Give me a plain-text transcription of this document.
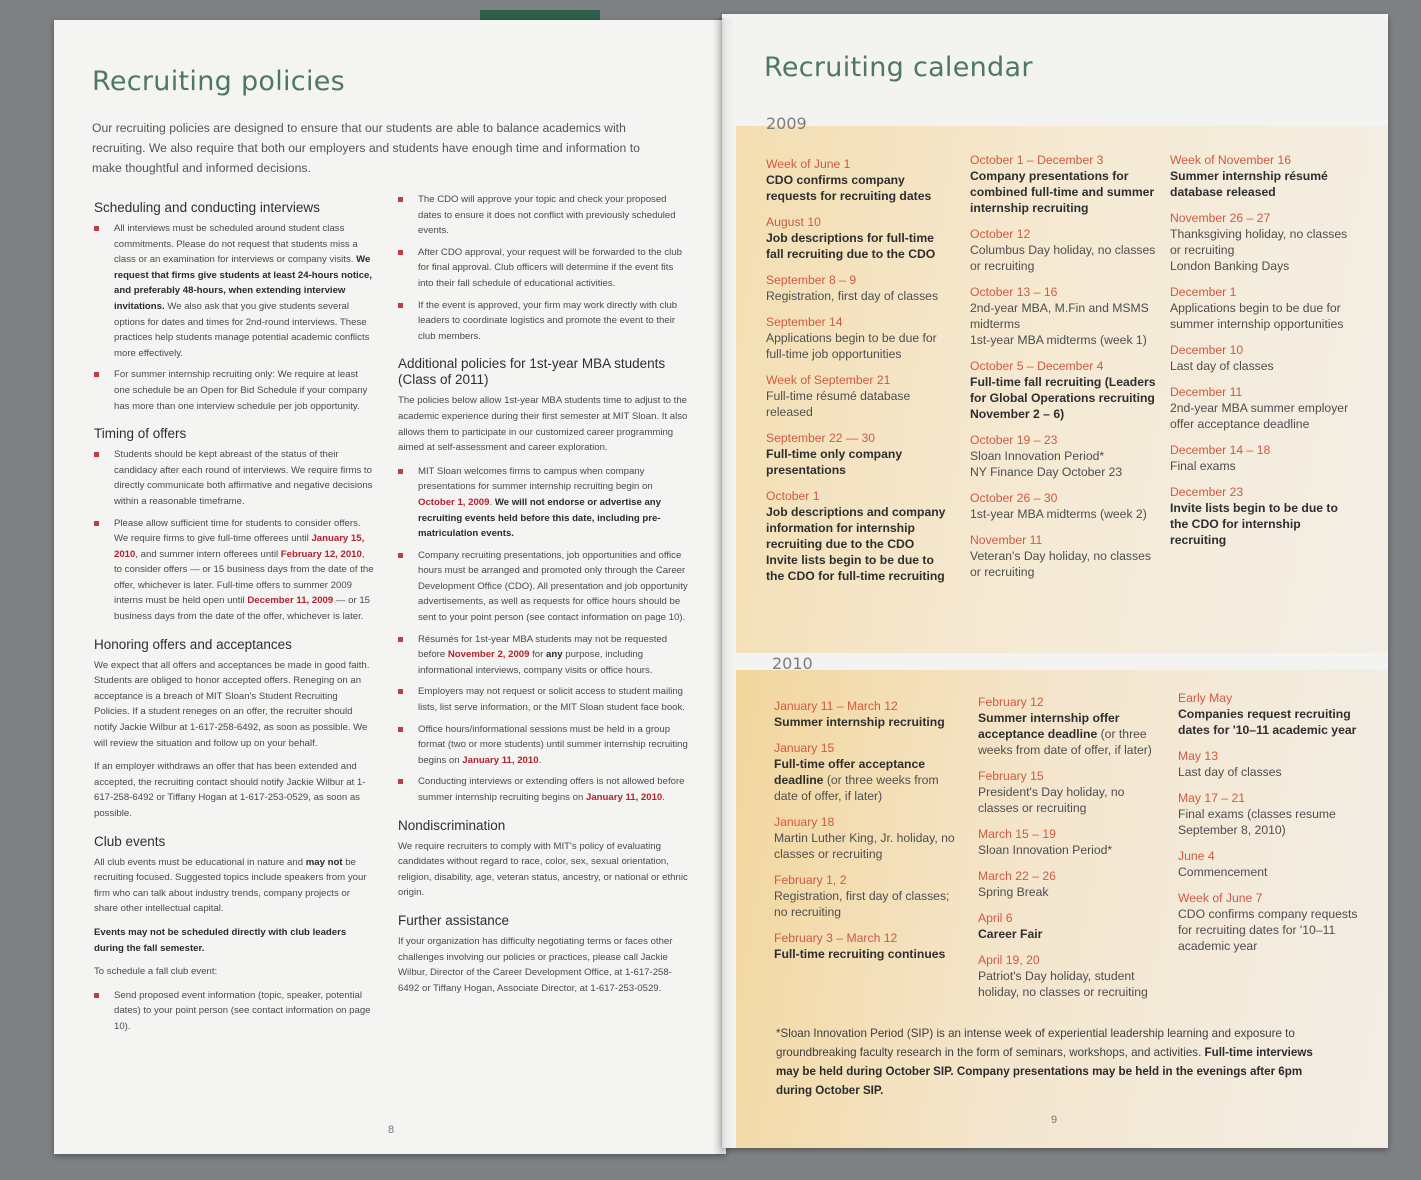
Recruiting policies
Our recruiting policies are designed to ensure that our students are able to balance academics with recruiting. We also require that both our employers and students have enough time and information to make thoughtful and informed decisions.
Scheduling and conducting interviews
All interviews must be scheduled around student class commitments. Please do not request that students miss a class or an examination for interviews or company visits. We request that firms give students at least 24-hours notice, and preferably 48-hours, when extending interview invitations. We also ask that you give students several options for dates and times for 2nd-round interviews. These practices help students manage potential academic conflicts more effectively.
For summer internship recruiting only: We require at least one schedule be an Open for Bid Schedule if your company has more than one interview schedule per job opportunity.
Timing of offers
Students should be kept abreast of the status of their candidacy after each round of interviews. We require firms to directly communicate both affirmative and negative decisions within a reasonable timeframe.
Please allow sufficient time for students to consider offers. We require firms to give full-time offerees until January 15, 2010, and summer intern offerees until February 12, 2010, to consider offers — or 15 business days from the date of the offer, whichever is later. Full-time offers to summer 2009 interns must be held open until December 11, 2009 — or 15 business days from the date of the offer, whichever is later.
Honoring offers and acceptances

We expect that all offers and acceptances be made in good faith. Students are obliged to honor accepted offers. Reneging on an acceptance is a breach of MIT Sloan's Student Recruiting Policies. If a student reneges on an offer, the recruiter should notify Jackie Wilbur at 1-617-258-6492, as soon as possible. We will review the situation and follow up on your behalf.

If an employer withdraws an offer that has been extended and accepted, the recruiting contact should notify Jackie Wilbur at 1-617-258-6492 or Tiffany Hogan at 1-617-253-0529, as soon as possible.

Club events

All club events must be educational in nature and may not be recruiting focused. Suggested topics include speakers from your firm who can talk about industry trends, company projects or share other intellectual capital.

Events may not be scheduled directly with club leaders during the fall semester.

To schedule a fall club event:

Send proposed event information (topic, speaker, potential dates) to your point person (see contact information on page 10).
The CDO will approve your topic and check your proposed dates to ensure it does not conflict with previously scheduled events.
After CDO approval, your request will be forwarded to the club for final approval. Club officers will determine if the event fits into their fall schedule of educational activities.
If the event is approved, your firm may work directly with club leaders to coordinate logistics and promote the event to their club members.
Additional policies for 1st-year MBA students (Class of 2011)

The policies below allow 1st-year MBA students time to adjust to the academic experience during their first semester at MIT Sloan. It also allows them to participate in our customized career programming aimed at self-assessment and career exploration.

MIT Sloan welcomes firms to campus when company presentations for summer internship recruiting begin on October 1, 2009. We will not endorse or advertise any recruiting events held before this date, including pre-matriculation events.
Company recruiting presentations, job opportunities and office hours must be arranged and promoted only through the Career Development Office (CDO). All presentation and job opportunity advertisements, as well as requests for office hours should be sent to your point person (see contact information on page 10).
Résumés for 1st-year MBA students may not be requested before November 2, 2009 for any purpose, including informational interviews, company visits or office hours.
Employers may not request or solicit access to student mailing lists, list serve information, or the MIT Sloan student face book.
Office hours/informational sessions must be held in a group format (two or more students) until summer internship recruiting begins on January 11, 2010.
Conducting interviews or extending offers is not allowed before summer internship recruiting begins on January 11, 2010.
Nondiscrimination

We require recruiters to comply with MIT's policy of evaluating candidates without regard to race, color, sex, sexual orientation, religion, disability, age, veteran status, ancestry, or national or ethnic origin.

Further assistance

If your organization has difficulty negotiating terms or faces other challenges involving our policies or practices, please call Jackie Wilbur, Director of the Career Development Office, at 1-617-258-6492 or Tiffany Hogan, Associate Director, at 1-617-253-0529.

8
Recruiting calendar
2009
Week of June 1
CDO confirms company requests for recruiting dates
August 10
Job descriptions for full-time fall recruiting due to the CDO
September 8 – 9
Registration, first day of classes
September 14
Applications begin to be due for full-time job opportunities
Week of September 21
Full-time résumé database released
September 22 — 30
Full-time only company presentations
October 1
Job descriptions and company information for internship recruiting due to the CDO
Invite lists begin to be due to the CDO for full-time recruiting
October 1 – December 3
Company presentations for combined full-time and summer internship recruiting
October 12
Columbus Day holiday, no classes or recruiting
October 13 – 16
2nd-year MBA, M.Fin and MSMS midterms
1st-year MBA midterms (week 1)
October 5 – December 4
Full-time fall recruiting (Leaders for Global Operations recruiting November 2 – 6)
October 19 – 23
Sloan Innovation Period*
NY Finance Day October 23
October 26 – 30
1st-year MBA midterms (week 2)
November 11
Veteran's Day holiday, no classes or recruiting
Week of November 16
Summer internship résumé database released
November 26 – 27
Thanksgiving holiday, no classes or recruiting
London Banking Days
December 1
Applications begin to be due for summer internship opportunities
December 10
Last day of classes
December 11
2nd-year MBA summer employer offer acceptance deadline
December 14 – 18
Final exams
December 23
Invite lists begin to be due to the CDO for internship recruiting
2010
January 11 – March 12
Summer internship recruiting
January 15
Full-time offer acceptance deadline (or three weeks from date of offer, if later)
January 18
Martin Luther King, Jr. holiday, no classes or recruiting
February 1, 2
Registration, first day of classes; no recruiting
February 3 – March 12
Full-time recruiting continues
February 12
Summer internship offer acceptance deadline (or three weeks from date of offer, if later)
February 15
President's Day holiday, no classes or recruiting
March 15 – 19
Sloan Innovation Period*
March 22 – 26
Spring Break
April 6
Career Fair
April 19, 20
Patriot's Day holiday, student holiday, no classes or recruiting
Early May
Companies request recruiting dates for '10–11 academic year
May 13
Last day of classes
May 17 – 21
Final exams (classes resume September 8, 2010)
June 4
Commencement
Week of June 7
CDO confirms company requests for recruiting dates for '10–11 academic year
*Sloan Innovation Period (SIP) is an intense week of experiential leadership learning and exposure to groundbreaking faculty research in the form of seminars, workshops, and activities. Full-time interviews may be held during October SIP. Company presentations may be held in the evenings after 6pm during October SIP.
9
